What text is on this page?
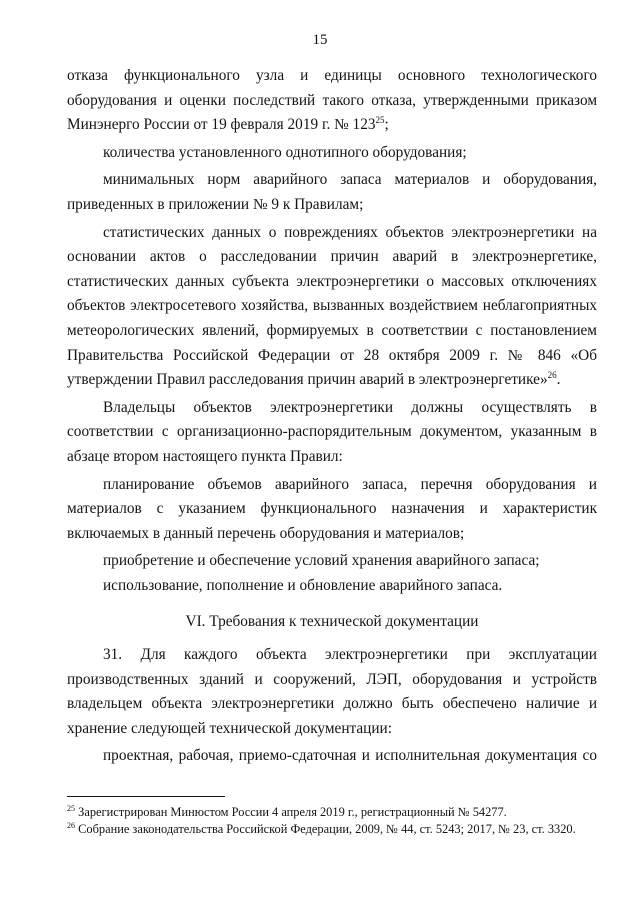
15

отказа функционального узла и единицы основного технологического оборудования и оценки последствий такого отказа, утвержденными приказом Минэнерго России от 19 февраля 2019 г. № $123^{25}$;

количества установленного однотипного оборудования;

минимальных норм аварийного запаса материалов и оборудования, приведенных в приложении № 9 к Правилам;

статистических данных о повреждениях объектов электроэнергетики на основании актов о расследовании причин аварий в электроэнергетике, статистических данных субъекта электроэнергетики о массовых отключениях объектов электросетевого хозяйства, вызванных воздействием неблагоприятных метеорологических явлений, формируемых в соответствии с постановлением Правительства Российской Федерации от 28 октября 2009 г. № 846 «Об утверждении Правил расследования причин аварий в электроэнергетике»$^{26}$.

Владельцы объектов электроэнергетики должны осуществлять в соответствии с организационно-распорядительным документом, указанным в абзаце втором настоящего пункта Правил:

планирование объемов аварийного запаса, перечня оборудования и материалов с указанием функционального назначения и характеристик включаемых в данный перечень оборудования и материалов;

приобретение и обеспечение условий хранения аварийного запаса;

использование, пополнение и обновление аварийного запаса.

VI. Требования к технической документации

31. Для каждого объекта электроэнергетики при эксплуатации производственных зданий и сооружений, ЛЭП, оборудования и устройств владельцем объекта электроэнергетики должно быть обеспечено наличие и хранение следующей технической документации:

проектная, рабочая, приемо-сдаточная и исполнительная документация со

$^{25}$ Зарегистрирован Минюстом России 4 апреля 2019 г., регистрационный № 54277.

$^{26}$ Собрание законодательства Российской Федерации, 2009, № 44, ст. 5243; 2017, № 23, ст. 3320.
